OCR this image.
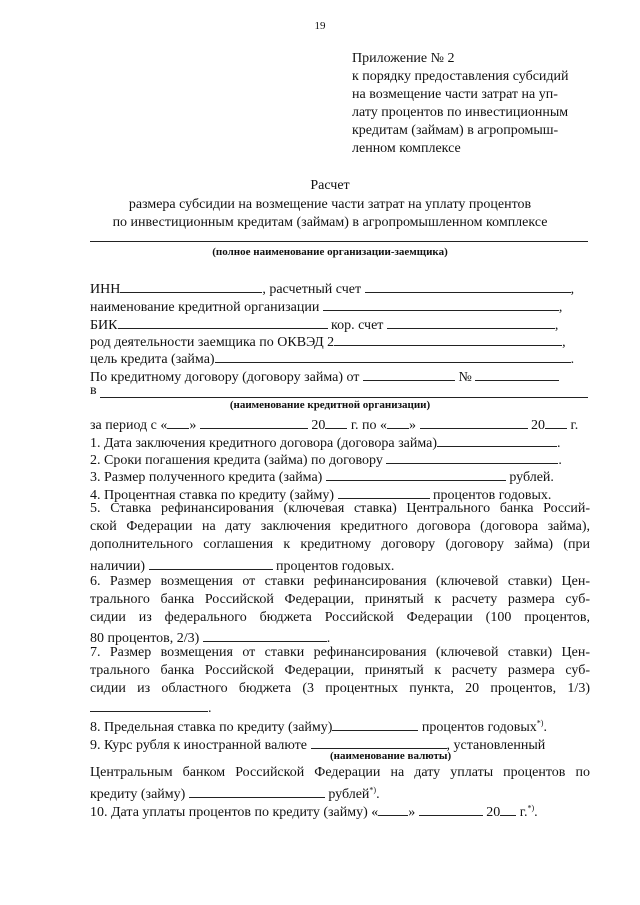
19
Приложение № 2
к порядку предоставления субсидий
на возмещение части затрат на уп-
лату процентов по инвестиционным
кредитам (займам) в агропромыш-
ленном комплексе
Расчет
размера субсидии на возмещение части затрат на уплату процентов
по инвестиционным кредитам (займам) в агропромышленном комплексе
(полное наименование организации-заемщика)
ИНН	, расчетный счет	,
наименование кредитной организации	,
БИК	кор. счет	,
род деятельности заемщика по ОКВЭД 2	,
цель кредита (займа)	.
По кредитному договору (договору займа) от	№
в
(наименование кредитной организации)
за период с « »	20 г. по « »	20 г.
1. Дата заключения кредитного договора (договора займа)	.
2. Сроки погашения кредита (займа) по договору	.
3. Размер полученного кредита (займа)	рублей.
4. Процентная ставка по кредиту (займу)	процентов годовых.
5. Ставка рефинансирования (ключевая ставка) Центрального банка Россий-
ской Федерации на дату заключения кредитного договора (договора займа),
дополнительного соглашения к кредитному договору (договору займа) (при
наличии)	процентов годовых.
6. Размер возмещения от ставки рефинансирования (ключевой ставки) Цен-
трального банка Российской Федерации, принятый к расчету размера суб-
сидии из федерального бюджета Российской Федерации (100 процентов,
80 процентов, 2/3)	.
7. Размер возмещения от ставки рефинансирования (ключевой ставки) Цен-
трального банка Российской Федерации, принятый к расчету размера суб-
сидии из областного бюджета (3 процентных пункта, 20 процентов, 1/3)
.
8. Предельная ставка по кредиту (займу)	процентов годовых*).
9. Курс рубля к иностранной валюте	, установленный
(наименование валюты)
Центральным банком Российской Федерации на дату уплаты процентов по
кредиту (займу)	рублей*).
10. Дата уплаты процентов по кредиту (займу) « »	20 г.*).
